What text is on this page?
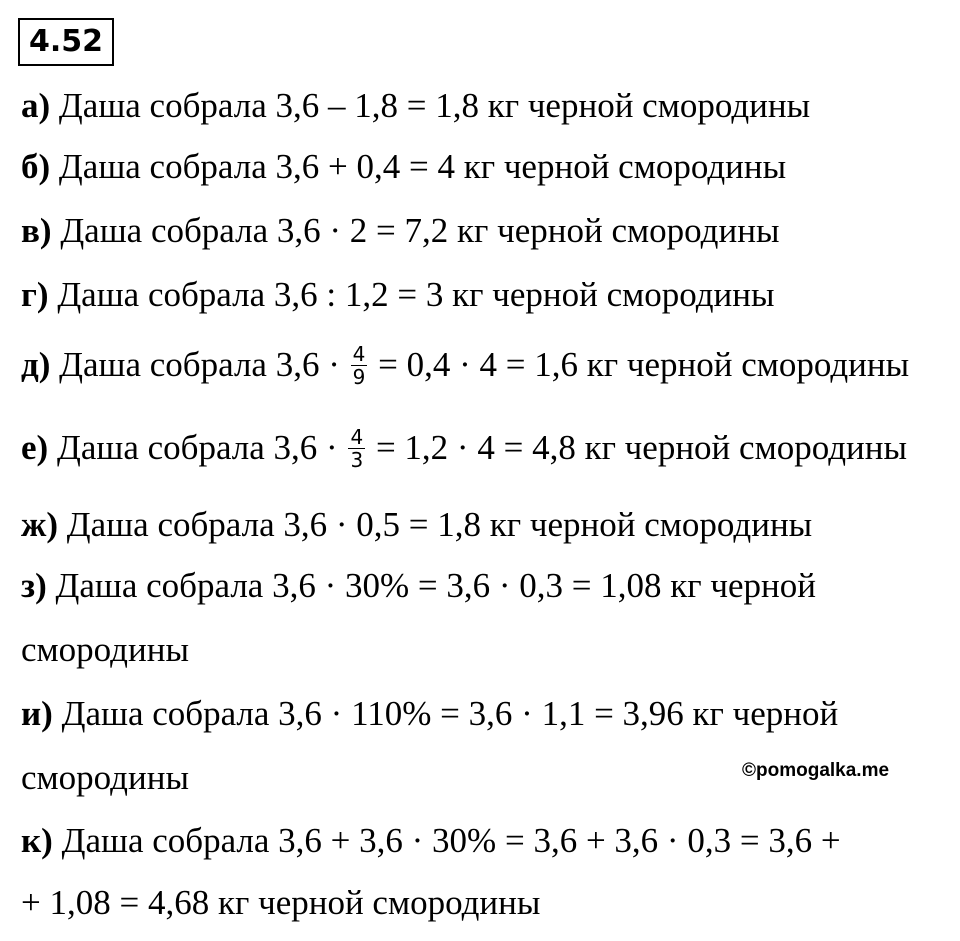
4.52
а) Даша собрала 3,6 – 1,8 = 1,8 кг черной смородины
б) Даша собрала 3,6 + 0,4 = 4 кг черной смородины
в) Даша собрала 3,6 · 2 = 7,2 кг черной смородины
г) Даша собрала 3,6 : 1,2 = 3 кг черной смородины
д) Даша собрала $3,6 \cdot \frac{4}{9} = 0,4 \cdot 4 = 1,6$ кг черной смородины
е) Даша собрала $3,6 \cdot \frac{4}{3} = 1,2 \cdot 4 = 4,8$ кг черной смородины
ж) Даша собрала 3,6 · 0,5 = 1,8 кг черной смородины
з) Даша собрала 3,6 · 30% = 3,6 · 0,3 = 1,08 кг черной
смородины
и) Даша собрала 3,6 · 110% = 3,6 · 1,1 = 3,96 кг черной
смородины	©pomogalka.me
к) Даша собрала 3,6 + 3,6 · 30% = 3,6 + 3,6 · 0,3 = 3,6 +
+ 1,08 = 4,68 кг черной смородины
